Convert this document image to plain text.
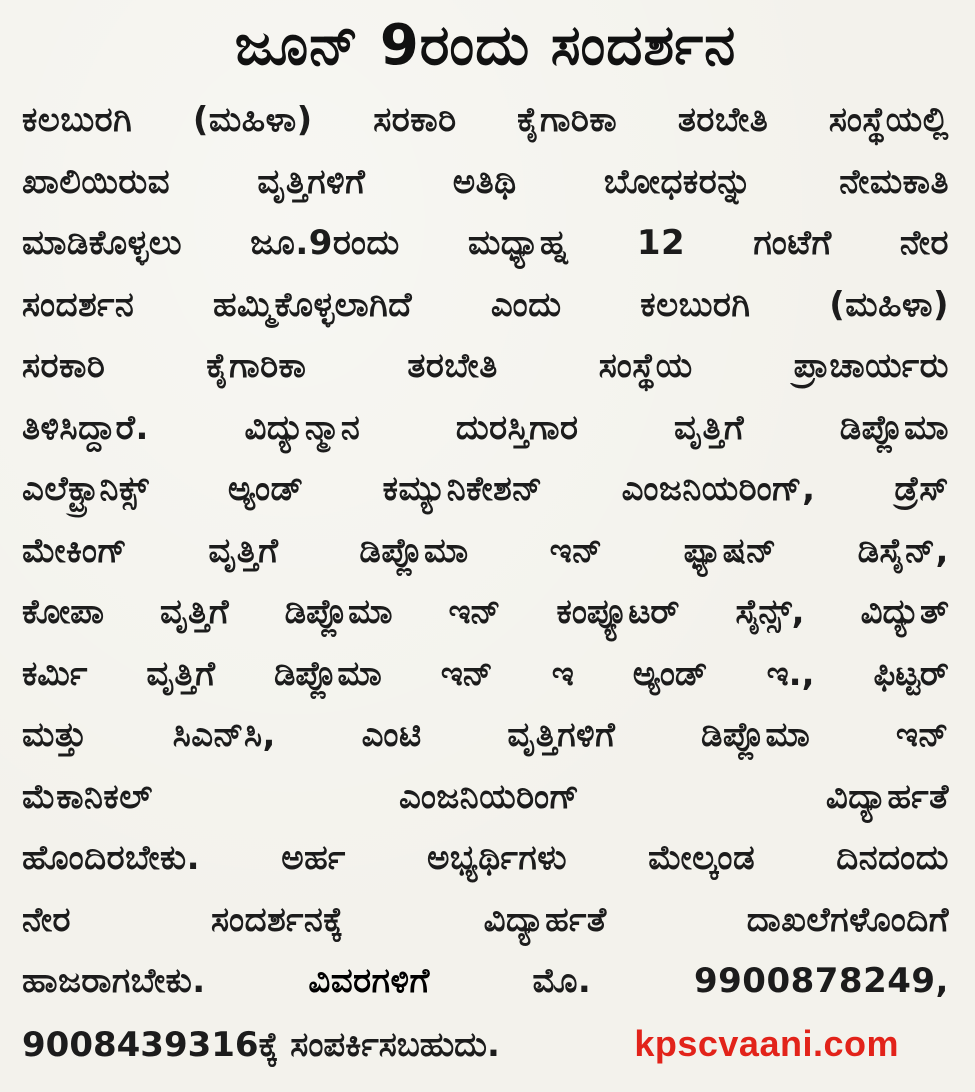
ಜೂನ್ 9ರಂದು ಸಂದರ್ಶನ
ಕಲಬುರಗಿ (ಮಹಿಳಾ) ಸರಕಾರಿ ಕೈಗಾರಿಕಾ ತರಬೇತಿ ಸಂಸ್ಥೆಯಲ್ಲಿ
ಖಾಲಿಯಿರುವ	ವೃತ್ತಿಗಳಿಗೆ	ಅತಿಥಿ	ಬೋಧಕರನ್ನು	ನೇಮಕಾತಿ
ಮಾಡಿಕೊಳ್ಳಲು ಜೂ.9ರಂದು ಮಧ್ಯಾಹ್ನ 12 ಗಂಟೆಗೆ ನೇರ
ಸಂದರ್ಶನ ಹಮ್ಮಿಕೊಳ್ಳಲಾಗಿದೆ ಎಂದು ಕಲಬುರಗಿ (ಮಹಿಳಾ)
ಸರಕಾರಿ	ಕೈಗಾರಿಕಾ	ತರಬೇತಿ	ಸಂಸ್ಥೆಯ	ಪ್ರಾಚಾರ್ಯರು
ತಿಳಿಸಿದ್ದಾರೆ.	ವಿದ್ಯುನ್ಮಾನ	ದುರಸ್ತಿಗಾರ	ವೃತ್ತಿಗೆ	ಡಿಪ್ಲೊಮಾ
ಎಲೆಕ್ಟ್ರಾನಿಕ್ಸ್ ಅ್ಯಂಡ್ ಕಮ್ಯುನಿಕೇಶನ್ ಎಂಜನಿಯರಿಂಗ್, ಡ್ರೆಸ್
ಮೇಕಿಂಗ್ ವೃತ್ತಿಗೆ ಡಿಪ್ಲೊಮಾ ಇನ್ ಫ್ಯಾಷನ್ ಡಿಸೈನ್,
ಕೋಪಾ ವೃತ್ತಿಗೆ ಡಿಪ್ಲೊಮಾ ಇನ್ ಕಂಪ್ಯೂಟರ್ ಸೈನ್ಸ್, ವಿದ್ಯುತ್
ಕರ್ಮಿ ವೃತ್ತಿಗೆ ಡಿಪ್ಲೊಮಾ ಇನ್ ಇ ಅ್ಯಂಡ್ ಇ., ಫಿಟ್ಟರ್
ಮತ್ತು	ಸಿಎನ್‌ಸಿ,	ಎಂಟಿ	ವೃತ್ತಿಗಳಿಗೆ	ಡಿಪ್ಲೊಮಾ	ಇನ್
ಮೆಕಾನಿಕಲ್	ಎಂಜನಿಯರಿಂಗ್	ವಿದ್ಯಾರ್ಹತೆ
ಹೊಂದಿರಬೇಕು. ಅರ್ಹ ಅಭ್ಯರ್ಥಿಗಳು ಮೇಲ್ಕಂಡ ದಿನದಂದು
ನೇರ	ಸಂದರ್ಶನಕ್ಕೆ	ವಿದ್ಯಾರ್ಹತೆ	ದಾಖಲೆಗಳೊಂದಿಗೆ
ಹಾಜರಾಗಬೇಕು.	ವಿವರಗಳಿಗೆ	ಮೊ.	9900878249,
9008439316ಕ್ಕೆ ಸಂಪರ್ಕಿಸಬಹುದು.	kpscvaani.com
